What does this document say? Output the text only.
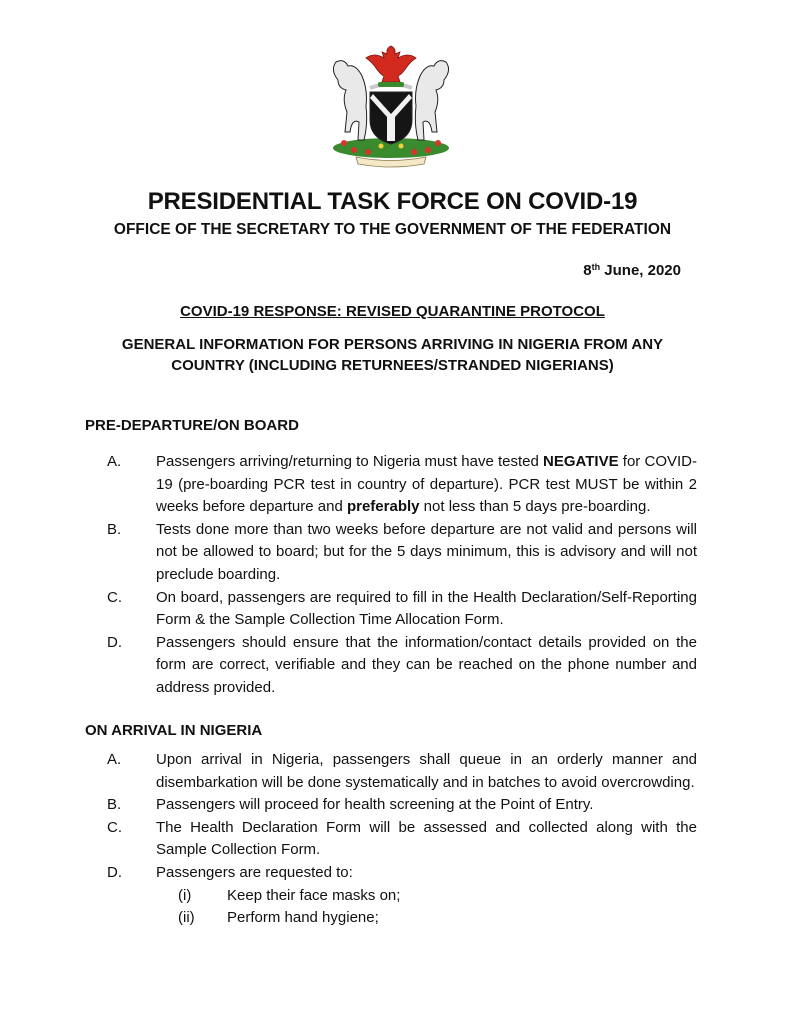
PRESIDENTIAL TASK FORCE ON COVID-19
OFFICE OF THE SECRETARY TO THE GOVERNMENT OF THE FEDERATION

8th June, 2020

COVID-19 RESPONSE: REVISED QUARANTINE PROTOCOL

GENERAL INFORMATION FOR PERSONS ARRIVING IN NIGERIA FROM ANY
COUNTRY (INCLUDING RETURNEES/STRANDED NIGERIANS)

PRE-DEPARTURE/ON BOARD
A.	Passengers arriving/returning to Nigeria must have tested NEGATIVE for COVID-19 (pre-boarding PCR test in country of departure). PCR test MUST be within 2 weeks before departure and preferably not less than 5 days pre-boarding.
B.	Tests done more than two weeks before departure are not valid and persons will not be allowed to board; but for the 5 days minimum, this is advisory and will not preclude boarding.
C.	On board, passengers are required to fill in the Health Declaration/Self-Reporting Form & the Sample Collection Time Allocation Form.
D.	Passengers should ensure that the information/contact details provided on the form are correct, verifiable and they can be reached on the phone number and address provided.
ON ARRIVAL IN NIGERIA
A.	Upon arrival in Nigeria, passengers shall queue in an orderly manner and disembarkation will be done systematically and in batches to avoid overcrowding.
B.	Passengers will proceed for health screening at the Point of Entry.
C.	The Health Declaration Form will be assessed and collected along with the Sample Collection Form.
D.	Passengers are requested to:
(i)	Keep their face masks on;
(ii)	Perform hand hygiene;
